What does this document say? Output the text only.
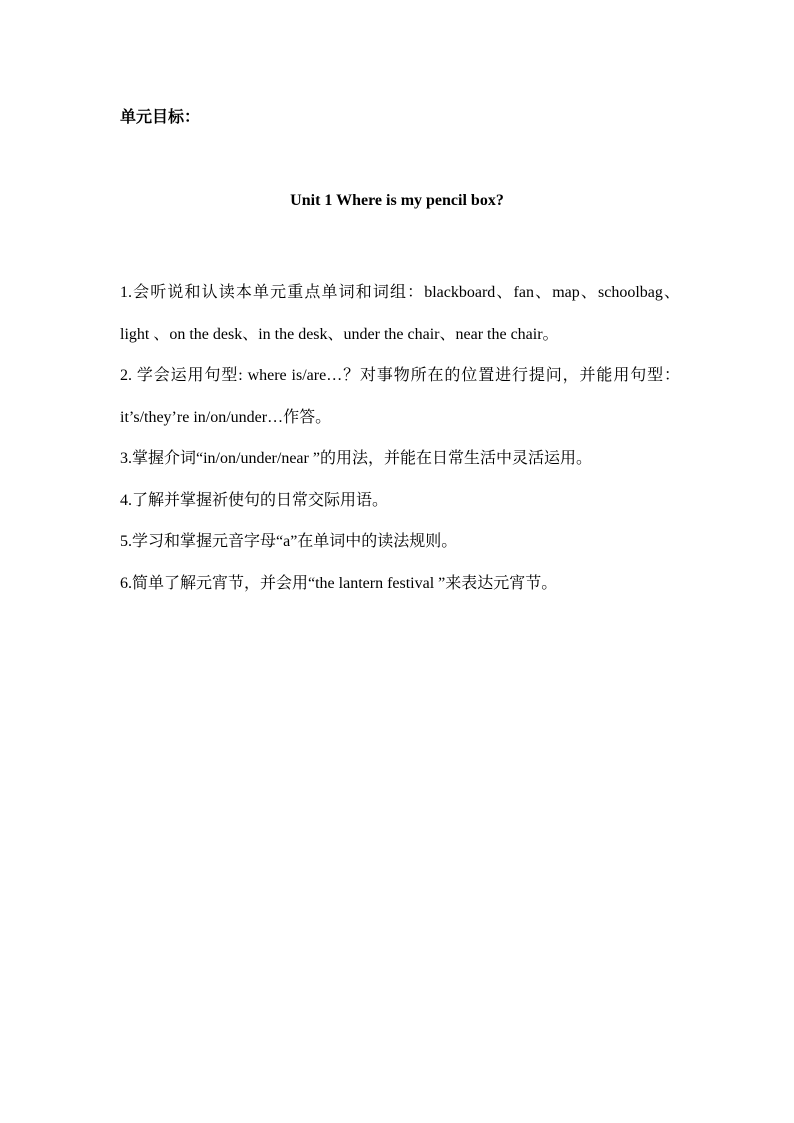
单元目标：
Unit 1 Where is my pencil box?
1.会听说和认读本单元重点单词和词组：blackboard、fan、map、schoolbag、light 、on the desk、in the desk、under the chair、near the chair。
2. 学会运用句型: where is/are…？对事物所在的位置进行提问，并能用句型：it’s/they’re in/on/under…作答。
3.掌握介词“in/on/under/near ”的用法，并能在日常生活中灵活运用。
4.了解并掌握祈使句的日常交际用语。
5.学习和掌握元音字母“a”在单词中的读法规则。
6.简单了解元宵节，并会用“the lantern festival ”来表达元宵节。
